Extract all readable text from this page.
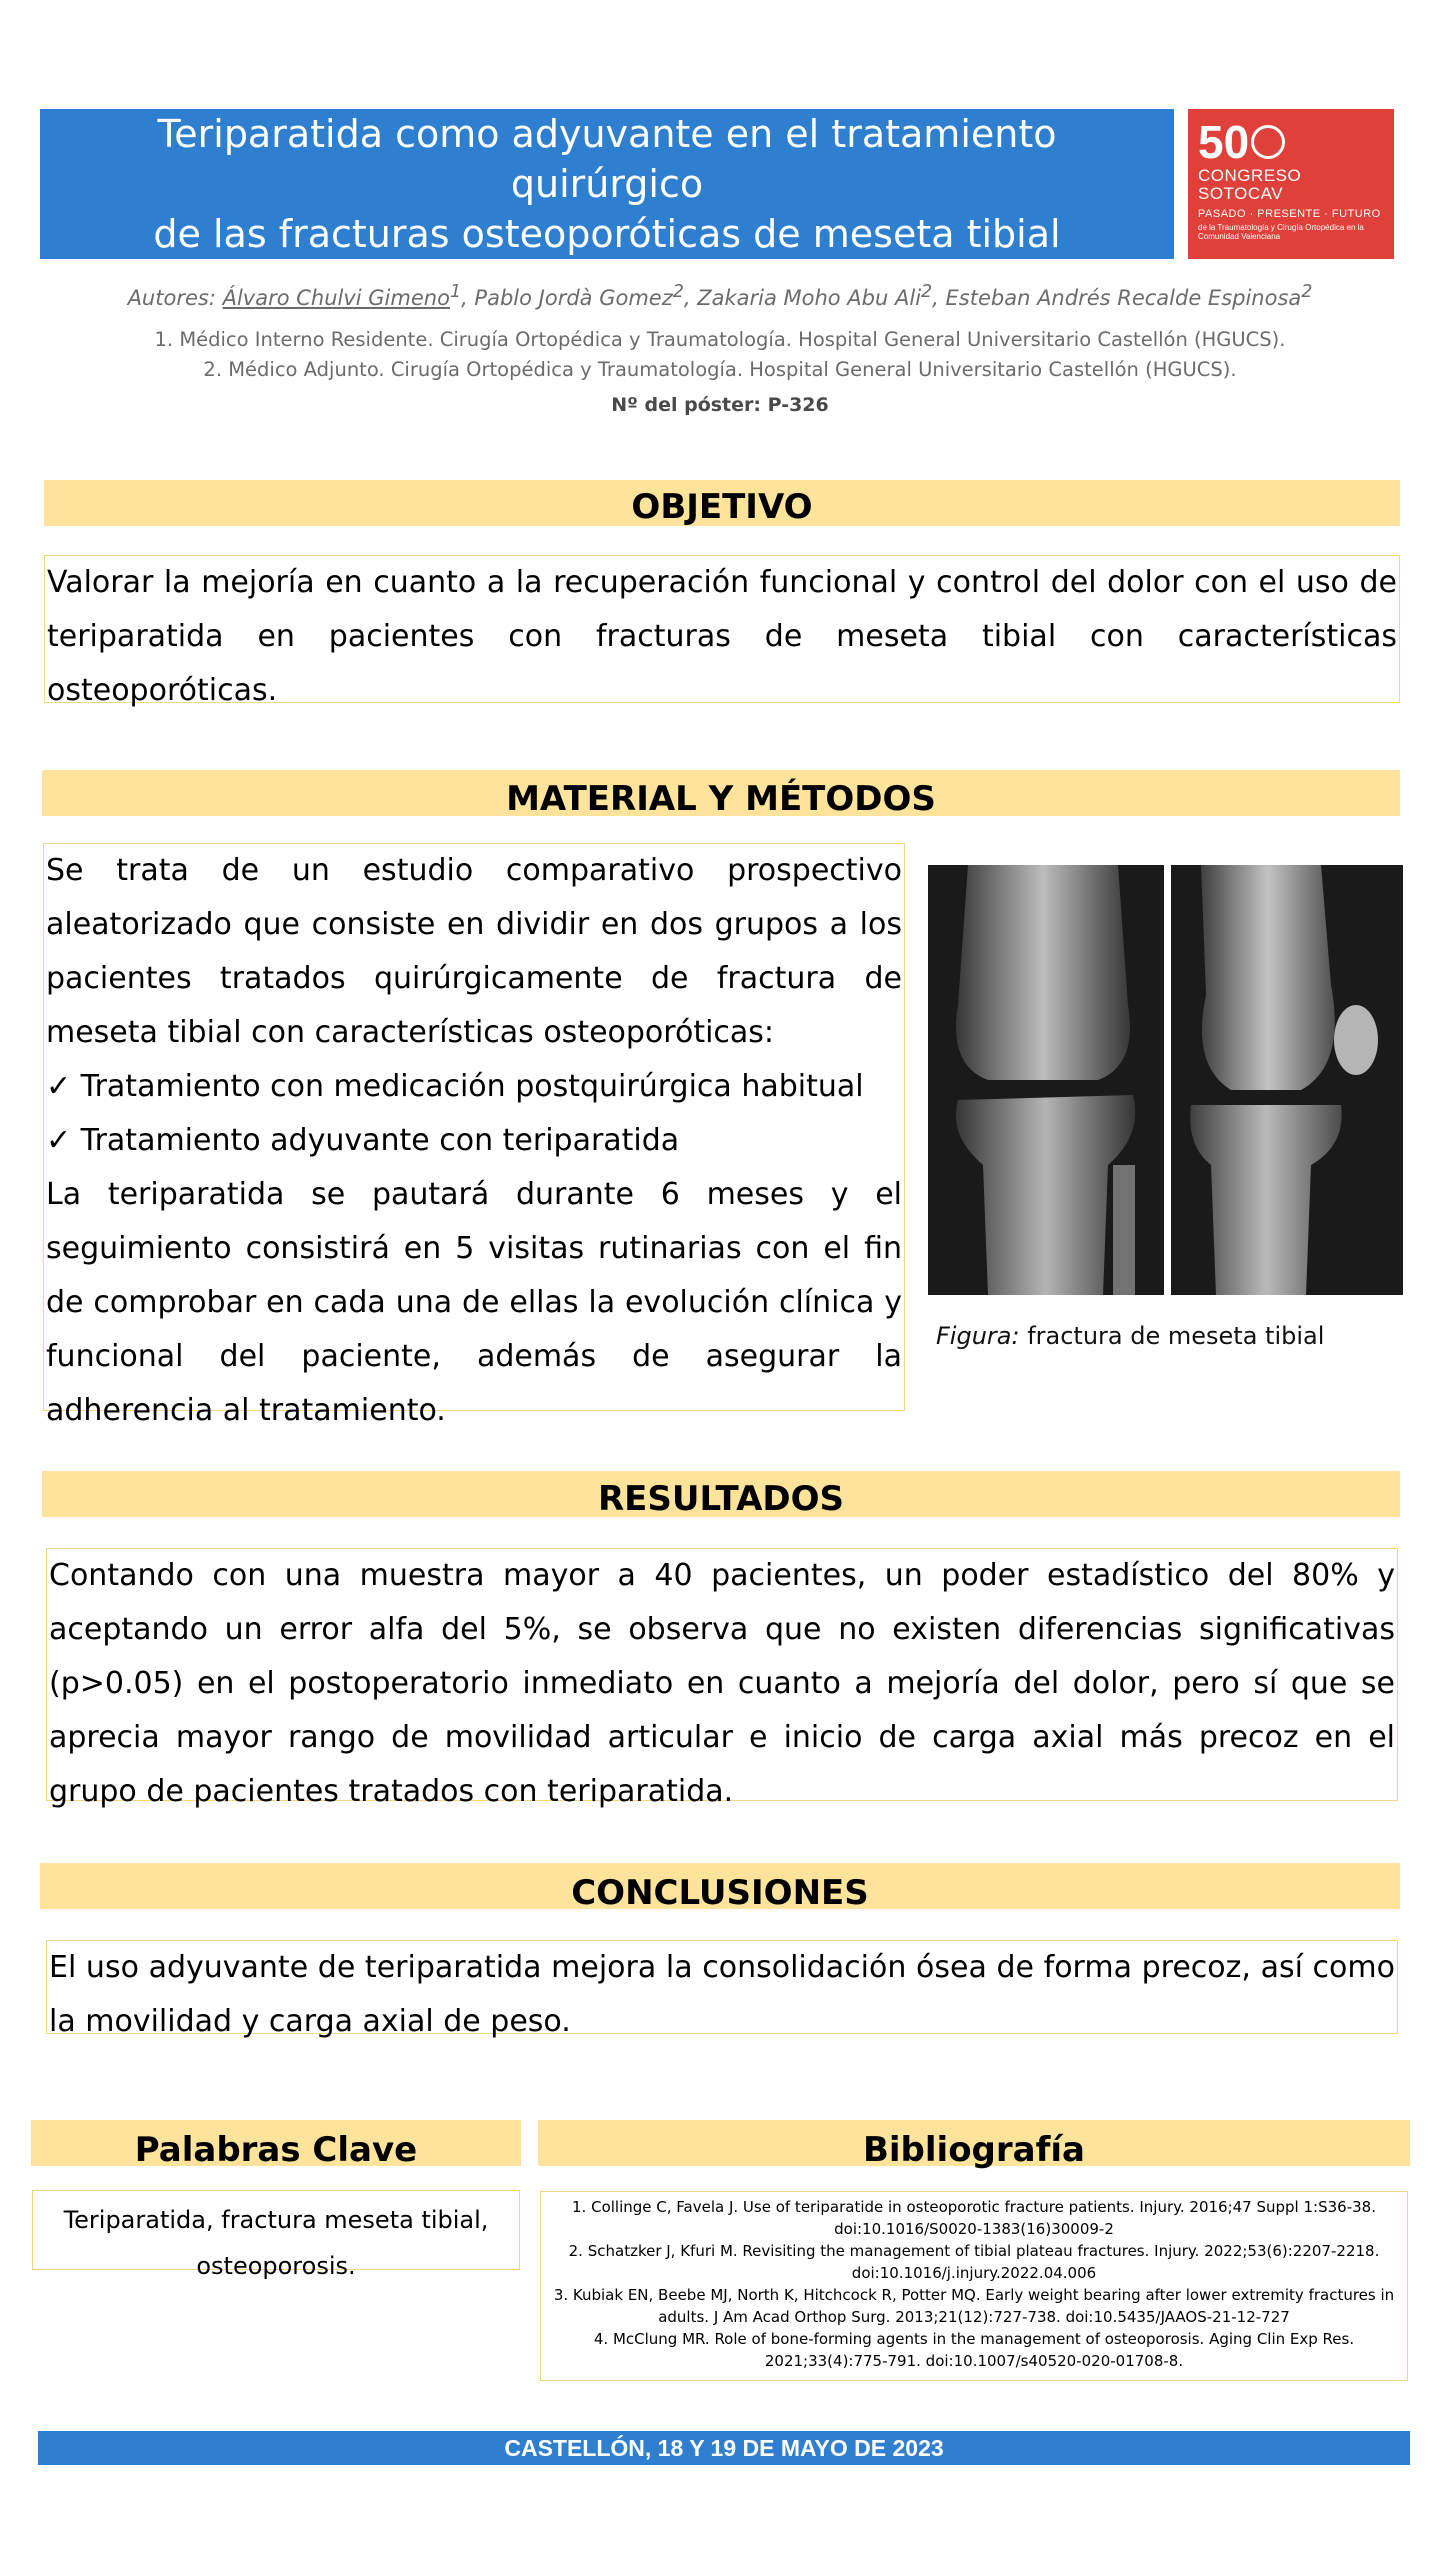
Teriparatida como adyuvante en el tratamiento quirúrgico
de las fracturas osteoporóticas de meseta tibial
50
CONGRESO
SOTOCAV
PASADO · PRESENTE · FUTURO
de la Traumatología y Cirugía Ortopédica en la Comunidad Valenciana
Autores: Álvaro Chulvi Gimeno$^1$, Pablo Jordà Gomez$^2$, Zakaria Moho Abu Ali$^2$, Esteban Andrés Recalde Espinosa$^2$
1. Médico Interno Residente. Cirugía Ortopédica y Traumatología. Hospital General Universitario Castellón (HGUCS).
2. Médico Adjunto. Cirugía Ortopédica y Traumatología. Hospital General Universitario Castellón (HGUCS).
Nº del póster: P-326
OBJETIVO
Valorar la mejoría en cuanto a la recuperación funcional y control del dolor con el uso de teriparatida en pacientes con fracturas de meseta tibial con características osteoporóticas.
MATERIAL Y MÉTODOS
Se trata de un estudio comparativo prospectivo aleatorizado que consiste en dividir en dos grupos a los pacientes tratados quirúrgicamente de fractura de meseta tibial con características osteoporóticas:
✓ Tratamiento con medicación postquirúrgica habitual
✓ Tratamiento adyuvante con teriparatida
La teriparatida se pautará durante 6 meses y el seguimiento consistirá en 5 visitas rutinarias con el fin de comprobar en cada una de ellas la evolución clínica y funcional del paciente, además de asegurar la adherencia al tratamiento.
Figura: fractura de meseta tibial
RESULTADOS
Contando con una muestra mayor a 40 pacientes, un poder estadístico del 80% y aceptando un error alfa del 5%, se observa que no existen diferencias significativas (p>0.05) en el postoperatorio inmediato en cuanto a mejoría del dolor, pero sí que se aprecia mayor rango de movilidad articular e inicio de carga axial más precoz en el grupo de pacientes tratados con teriparatida.
CONCLUSIONES
El uso adyuvante de teriparatida mejora la consolidación ósea de forma precoz, así como la movilidad y carga axial de peso.
Palabras Clave
Teriparatida, fractura meseta tibial, osteoporosis.
Bibliografía
1. Collinge C, Favela J. Use of teriparatide in osteoporotic fracture patients. Injury. 2016;47 Suppl 1:S36-38. doi:10.1016/S0020-1383(16)30009-2
2. Schatzker J, Kfuri M. Revisiting the management of tibial plateau fractures. Injury. 2022;53(6):2207-2218. doi:10.1016/j.injury.2022.04.006
3. Kubiak EN, Beebe MJ, North K, Hitchcock R, Potter MQ. Early weight bearing after lower extremity fractures in adults. J Am Acad Orthop Surg. 2013;21(12):727-738. doi:10.5435/JAAOS-21-12-727
4. McClung MR. Role of bone-forming agents in the management of osteoporosis. Aging Clin Exp Res. 2021;33(4):775-791. doi:10.1007/s40520-020-01708-8.
CASTELLÓN, 18 Y 19 DE MAYO DE 2023
